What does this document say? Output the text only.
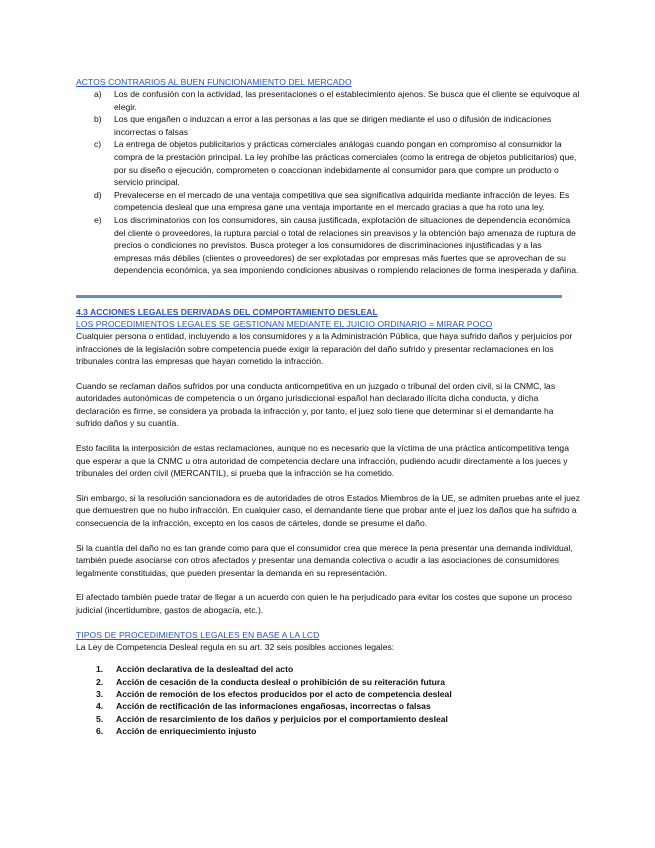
ACTOS CONTRARIOS AL BUEN FUNCIONAMIENTO DEL MERCADO
a) Los de confusión con la actividad, las presentaciones o el establecimiento ajenos. Se busca que el cliente se equivoque al elegir.
b) Los que engañen o induzcan a error a las personas a las que se dirigen mediante el uso o difusión de indicaciones incorrectas o falsas
c) La entrega de objetos publicitarios y prácticas comerciales análogas cuando pongan en compromiso al consumidor la compra de la prestación principal. La ley prohíbe las prácticas comerciales (como la entrega de objetos publicitarios) que, por su diseño o ejecución, comprometen o coaccionan indebidamente al consumidor para que compre un producto o servicio principal.
d) Prevalecerse en el mercado de una ventaja competitiva que sea significativa adquirida mediante infracción de leyes. Es competencia desleal que una empresa gane una ventaja importante en el mercado gracias a que ha roto una ley.
e) Los discriminatorios con los consumidores, sin causa justificada, explotación de situaciones de dependencia económica del cliente o proveedores, la ruptura parcial o total de relaciones sin preavisos y la obtención bajo amenaza de ruptura de precios o condiciones no previstos. Busca proteger a los consumidores de discriminaciones injustificadas y a las empresas más débiles (clientes o proveedores) de ser explotadas por empresas más fuertes que se aprovechan de su dependencia económica, ya sea imponiendo condiciones abusivas o rompiendo relaciones de forma inesperada y dañina.
4.3 ACCIONES LEGALES DERIVADAS DEL COMPORTAMIENTO DESLEAL
LOS PROCEDIMIENTOS LEGALES SE GESTIONAN MEDIANTE EL JUICIO ORDINARIO = MIRAR POCO

Cualquier persona o entidad, incluyendo a los consumidores y a la Administración Pública, que haya sufrido daños y perjuicios por infracciones de la legislación sobre competencia puede exigir la reparación del daño sufrido y presentar reclamaciones en los tribunales contra las empresas que hayan cometido la infracción.

Cuando se reclaman daños sufridos por una conducta anticompetitiva en un juzgado o tribunal del orden civil, si la CNMC, las autoridades autonómicas de competencia o un órgano jurisdiccional español han declarado ilícita dicha conducta, y dicha declaración es firme, se considera ya probada la infracción y, por tanto, el juez solo tiene que determinar si el demandante ha sufrido daños y su cuantía.

Esto facilita la interposición de estas reclamaciones, aunque no es necesario que la víctima de una práctica anticompetitiva tenga que esperar a que la CNMC u otra autoridad de competencia declare una infracción, pudiendo acudir directamente a los jueces y tribunales del orden civil (MERCANTIL), si prueba que la infracción se ha cometido.

Sin embargo, si la resolución sancionadora es de autoridades de otros Estados Miembros de la UE, se admiten pruebas ante el juez que demuestren que no hubo infracción. En cualquier caso, el demandante tiene que probar ante el juez los daños que ha sufrido a consecuencia de la infracción, excepto en los casos de cárteles, donde se presume el daño.

Si la cuantía del daño no es tan grande como para que el consumidor crea que merece la pena presentar una demanda individual, también puede asociarse con otros afectados y presentar una demanda colectiva o acudir a las asociaciones de consumidores legalmente constituidas, que pueden presentar la demanda en su representación.

El afectado también puede tratar de llegar a un acuerdo con quien le ha perjudicado para evitar los costes que supone un proceso judicial (incertidumbre, gastos de abogacía, etc.).

TIPOS DE PROCEDIMIENTOS LEGALES EN BASE A LA LCD

La Ley de Competencia Desleal regula en su art. 32 seis posibles acciones legales:

1. Acción declarativa de la deslealtad del acto
2. Acción de cesación de la conducta desleal o prohibición de su reiteración futura
3. Acción de remoción de los efectos producidos por el acto de competencia desleal
4. Acción de rectificación de las informaciones engañosas, incorrectas o falsas
5. Acción de resarcimiento de los daños y perjuicios por el comportamiento desleal
6. Acción de enriquecimiento injusto
